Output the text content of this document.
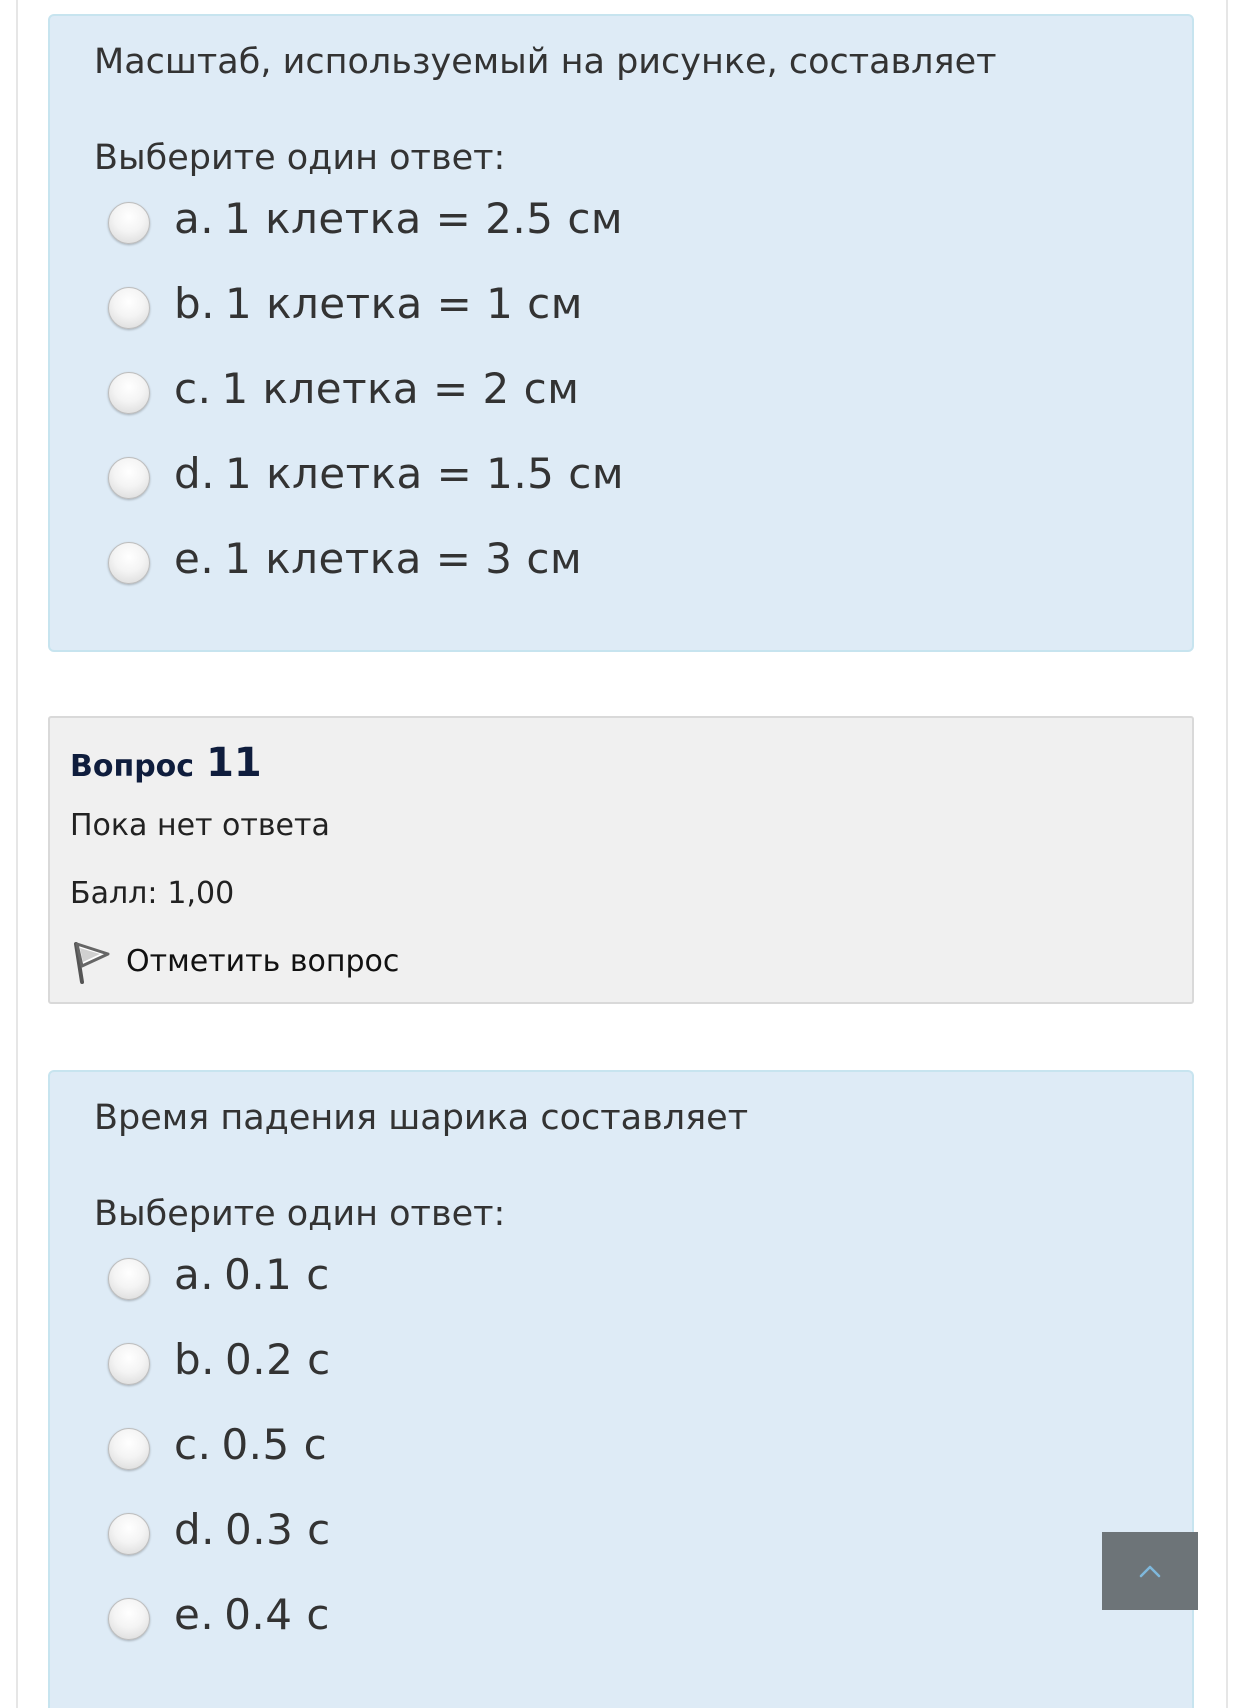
Масштаб, используемый на рисунке, составляет
Выберите один ответ:
a. 1 клетка = 2.5 см
b. 1 клетка = 1 см
c. 1 клетка = 2 см
d. 1 клетка = 1.5 см
e. 1 клетка = 3 см
Вопрос 11
Пока нет ответа
Балл: 1,00
Отметить вопрос
Время падения шарика составляет
Выберите один ответ:
a. 0.1 с
b. 0.2 с
c. 0.5 с
d. 0.3 с
e. 0.4 с
